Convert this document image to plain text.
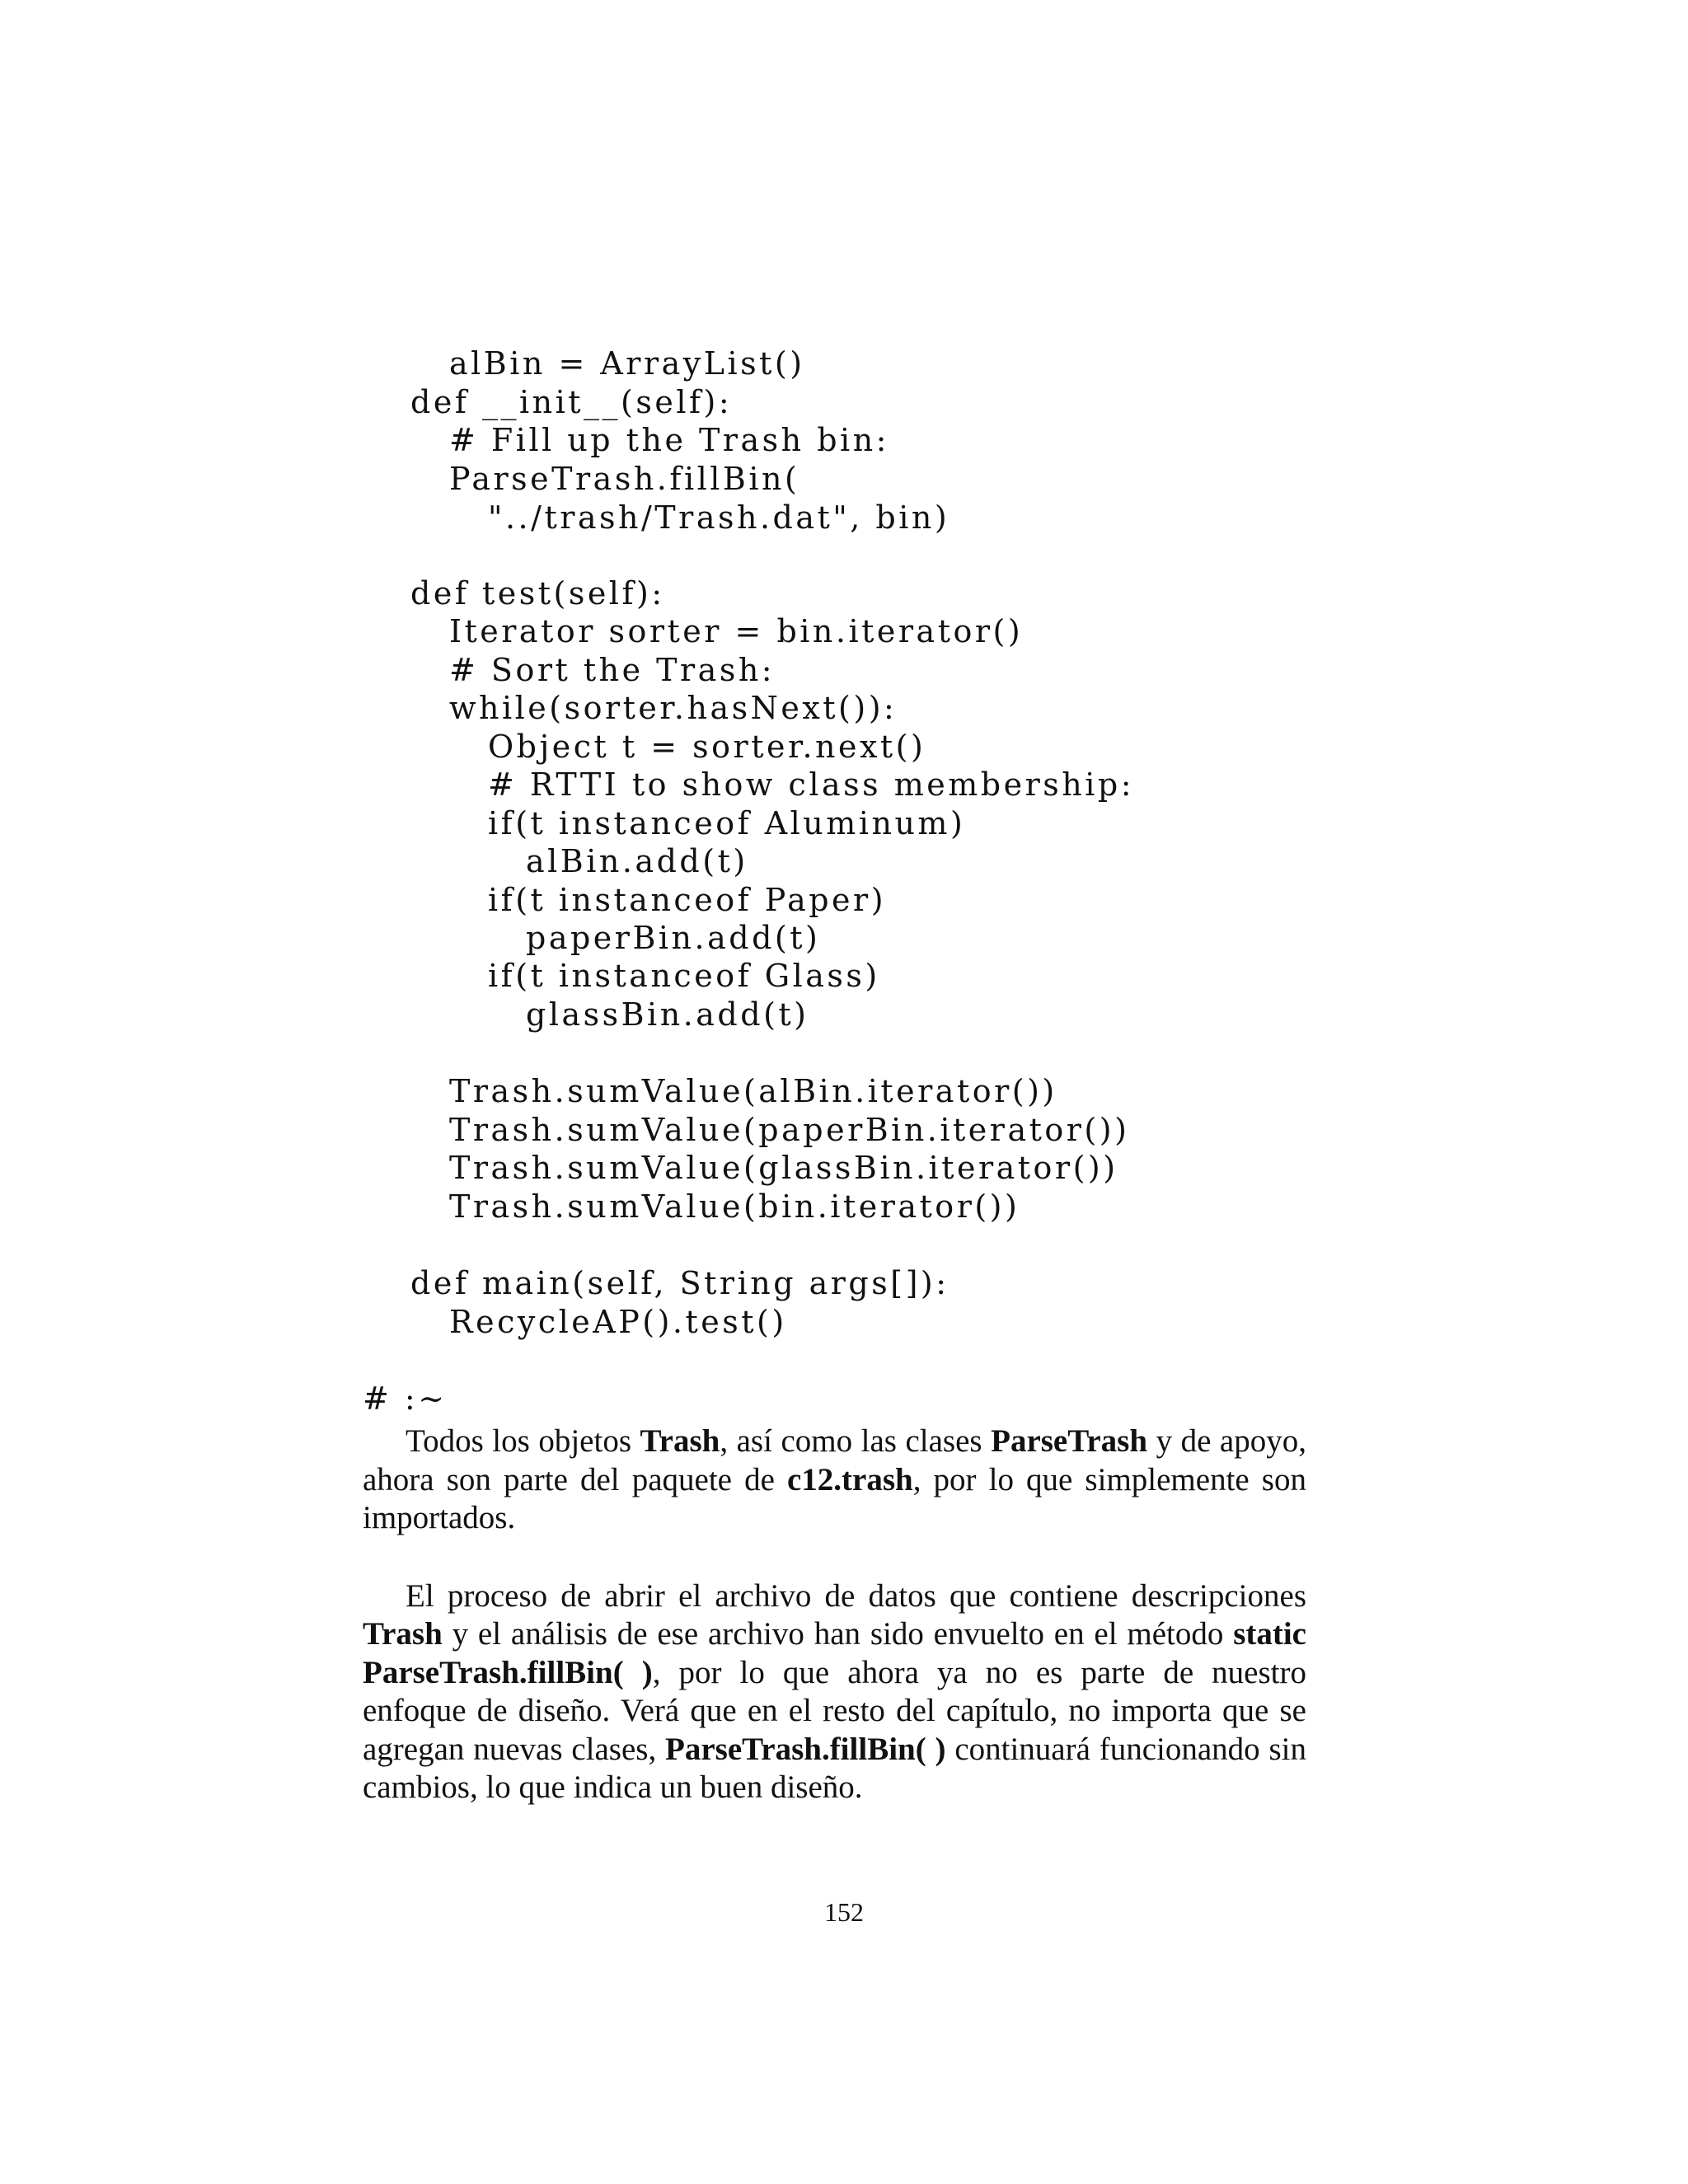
alBin = ArrayList()
def __init__(self):
# Fill up the Trash bin:
ParseTrash.fillBin(
"../trash/Trash.dat", bin)
def test(self):
Iterator sorter = bin.iterator()
# Sort the Trash:
while(sorter.hasNext()):
Object t = sorter.next()
# RTTI to show class membership:
if(t instanceof Aluminum)
alBin.add(t)
if(t instanceof Paper)
paperBin.add(t)
if(t instanceof Glass)
glassBin.add(t)
Trash.sumValue(alBin.iterator())
Trash.sumValue(paperBin.iterator())
Trash.sumValue(glassBin.iterator())
Trash.sumValue(bin.iterator())
def main(self, String args[]):
RecycleAP().test()
# :~

Todos los objetos Trash, así como las clases ParseTrash y de apoyo, ahora son parte del paquete de c12.trash, por lo que simplemente son importados.

El proceso de abrir el archivo de datos que contiene descripciones Trash y el análisis de ese archivo han sido envuelto en el método static ParseTrash.fillBin( ), por lo que ahora ya no es parte de nuestro enfoque de diseño. Verá que en el resto del capítulo, no importa que se agregan nuevas clases, ParseTrash.fillBin( ) continuará funcionando sin cambios, lo que indica un buen diseño.

152
